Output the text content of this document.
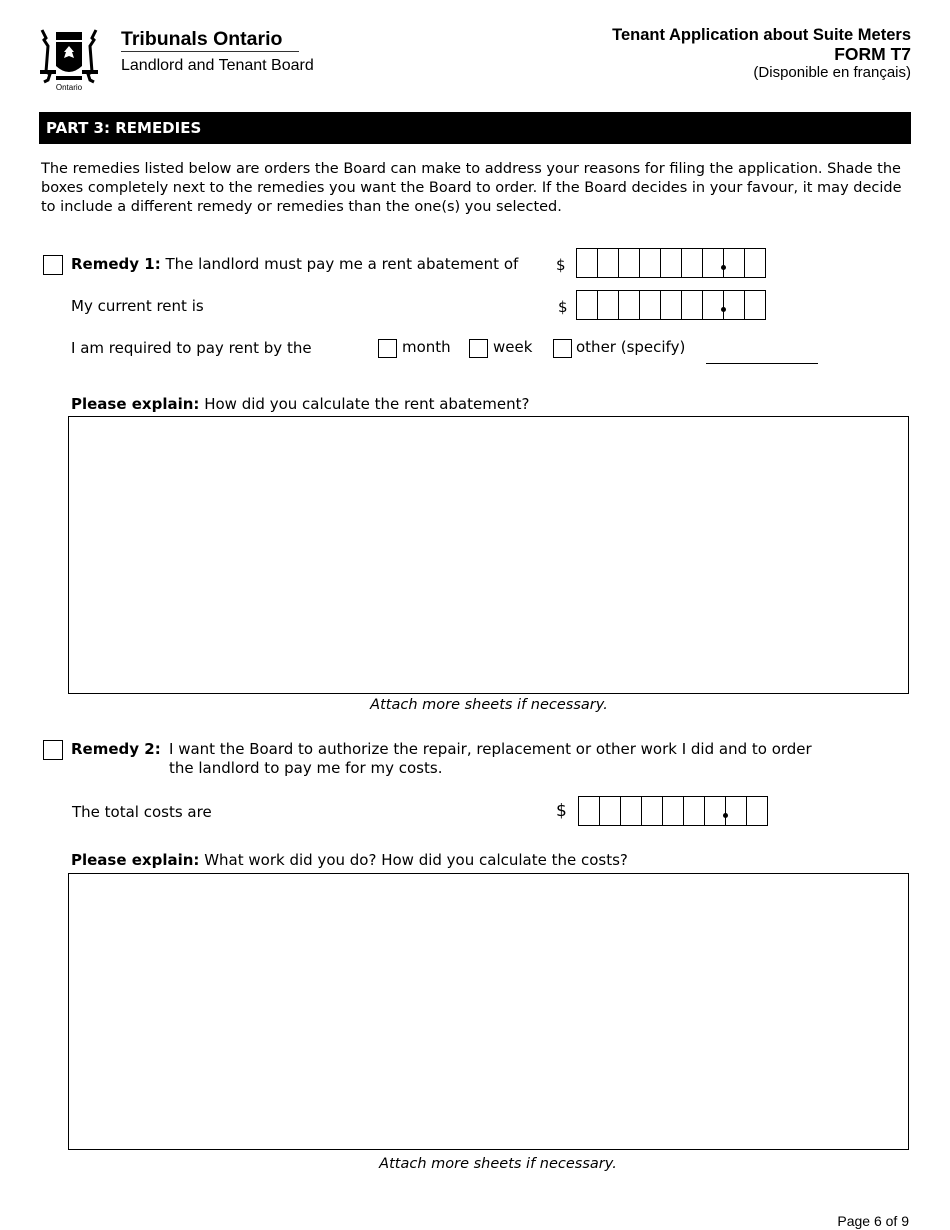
Ontario
Tribunals Ontario
Landlord and Tenant Board
Tenant Application about Suite Meters
FORM T7
(Disponible en français)
PART 3: REMEDIES
The remedies listed below are orders the Board can make to address your reasons for filing the application. Shade the boxes completely next to the remedies you want the Board to order. If the Board decides in your favour, it may decide to include a different remedy or remedies than the one(s) you selected.
Remedy 1: The landlord must pay me a rent abatement of	$
My current rent is	$
I am required to pay rent by the	month	week	other (specify)
Please explain: How did you calculate the rent abatement?
Attach more sheets if necessary.
Remedy 2: I want the Board to authorize the repair, replacement or other work I did and to order
the landlord to pay me for my costs.
The total costs are	$
Please explain: What work did you do? How did you calculate the costs?
Attach more sheets if necessary.
Page 6 of 9
